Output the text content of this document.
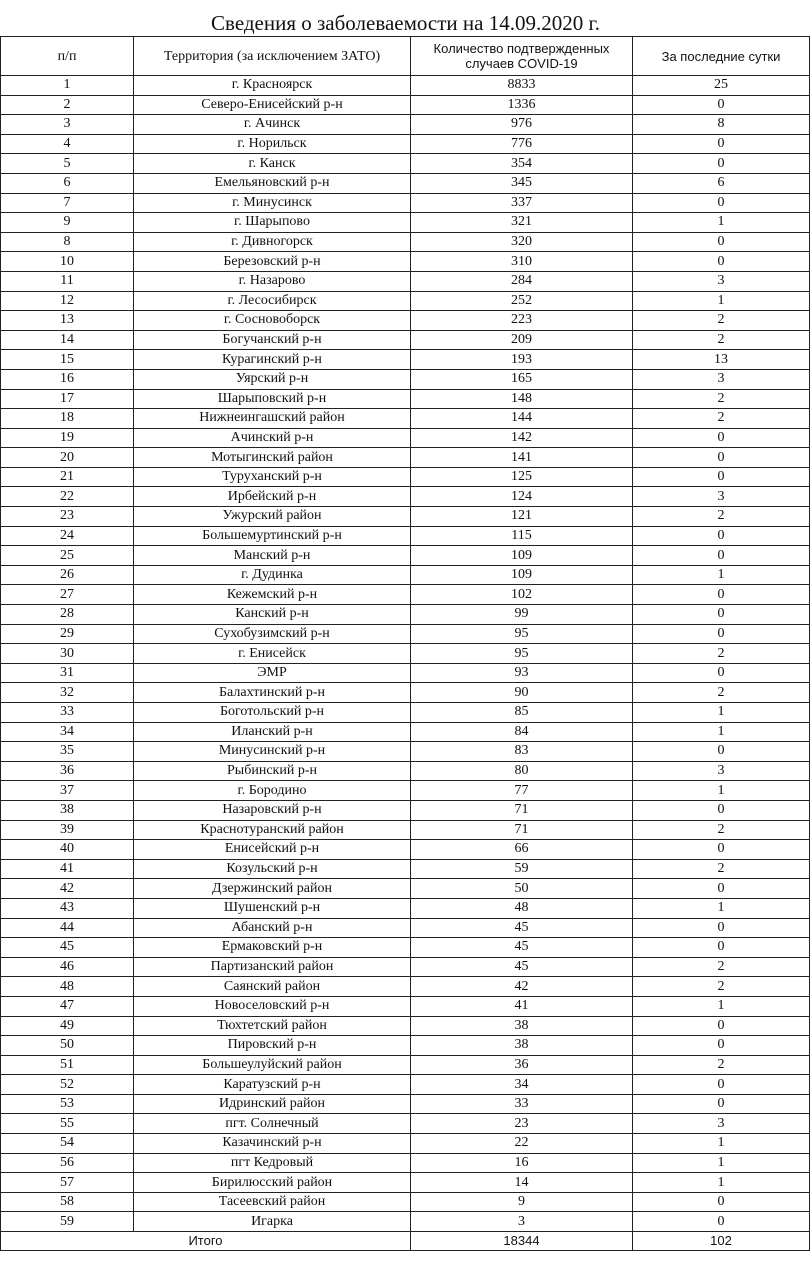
Сведения о заболеваемости на 14.09.2020 г.
п/п	Территория (за исключением ЗАТО)	Количество подтвержденных случаев COVID-19	За последние сутки
1	г. Красноярск	8833	25
2	Северо-Енисейский р-н	1336	0
3	г. Ачинск	976	8
4	г. Норильск	776	0
5	г. Канск	354	0
6	Емельяновский р-н	345	6
7	г. Минусинск	337	0
9	г. Шарыпово	321	1
8	г. Дивногорск	320	0
10	Березовский р-н	310	0
11	г. Назарово	284	3
12	г. Лесосибирск	252	1
13	г. Сосновоборск	223	2
14	Богучанский р-н	209	2
15	Курагинский р-н	193	13
16	Уярский р-н	165	3
17	Шарыповский р-н	148	2
18	Нижнеингашский район	144	2
19	Ачинский р-н	142	0
20	Мотыгинский район	141	0
21	Туруханский р-н	125	0
22	Ирбейский р-н	124	3
23	Ужурский район	121	2
24	Большемуртинский р-н	115	0
25	Манский р-н	109	0
26	г. Дудинка	109	1
27	Кежемский р-н	102	0
28	Канский р-н	99	0
29	Сухобузимский р-н	95	0
30	г. Енисейск	95	2
31	ЭМР	93	0
32	Балахтинский р-н	90	2
33	Боготольский р-н	85	1
34	Иланский р-н	84	1
35	Минусинский р-н	83	0
36	Рыбинский р-н	80	3
37	г. Бородино	77	1
38	Назаровский р-н	71	0
39	Краснотуранский район	71	2
40	Енисейский р-н	66	0
41	Козульский р-н	59	2
42	Дзержинский район	50	0
43	Шушенский р-н	48	1
44	Абанский р-н	45	0
45	Ермаковский р-н	45	0
46	Партизанский район	45	2
48	Саянский район	42	2
47	Новоселовский р-н	41	1
49	Тюхтетский район	38	0
50	Пировский р-н	38	0
51	Большеулуйский район	36	2
52	Каратузский р-н	34	0
53	Идринский район	33	0
55	пгт. Солнечный	23	3
54	Казачинский р-н	22	1
56	пгт Кедровый	16	1
57	Бирилюсский район	14	1
58	Тасеевский район	9	0
59	Игарка	3	0
Итого		18344	102
